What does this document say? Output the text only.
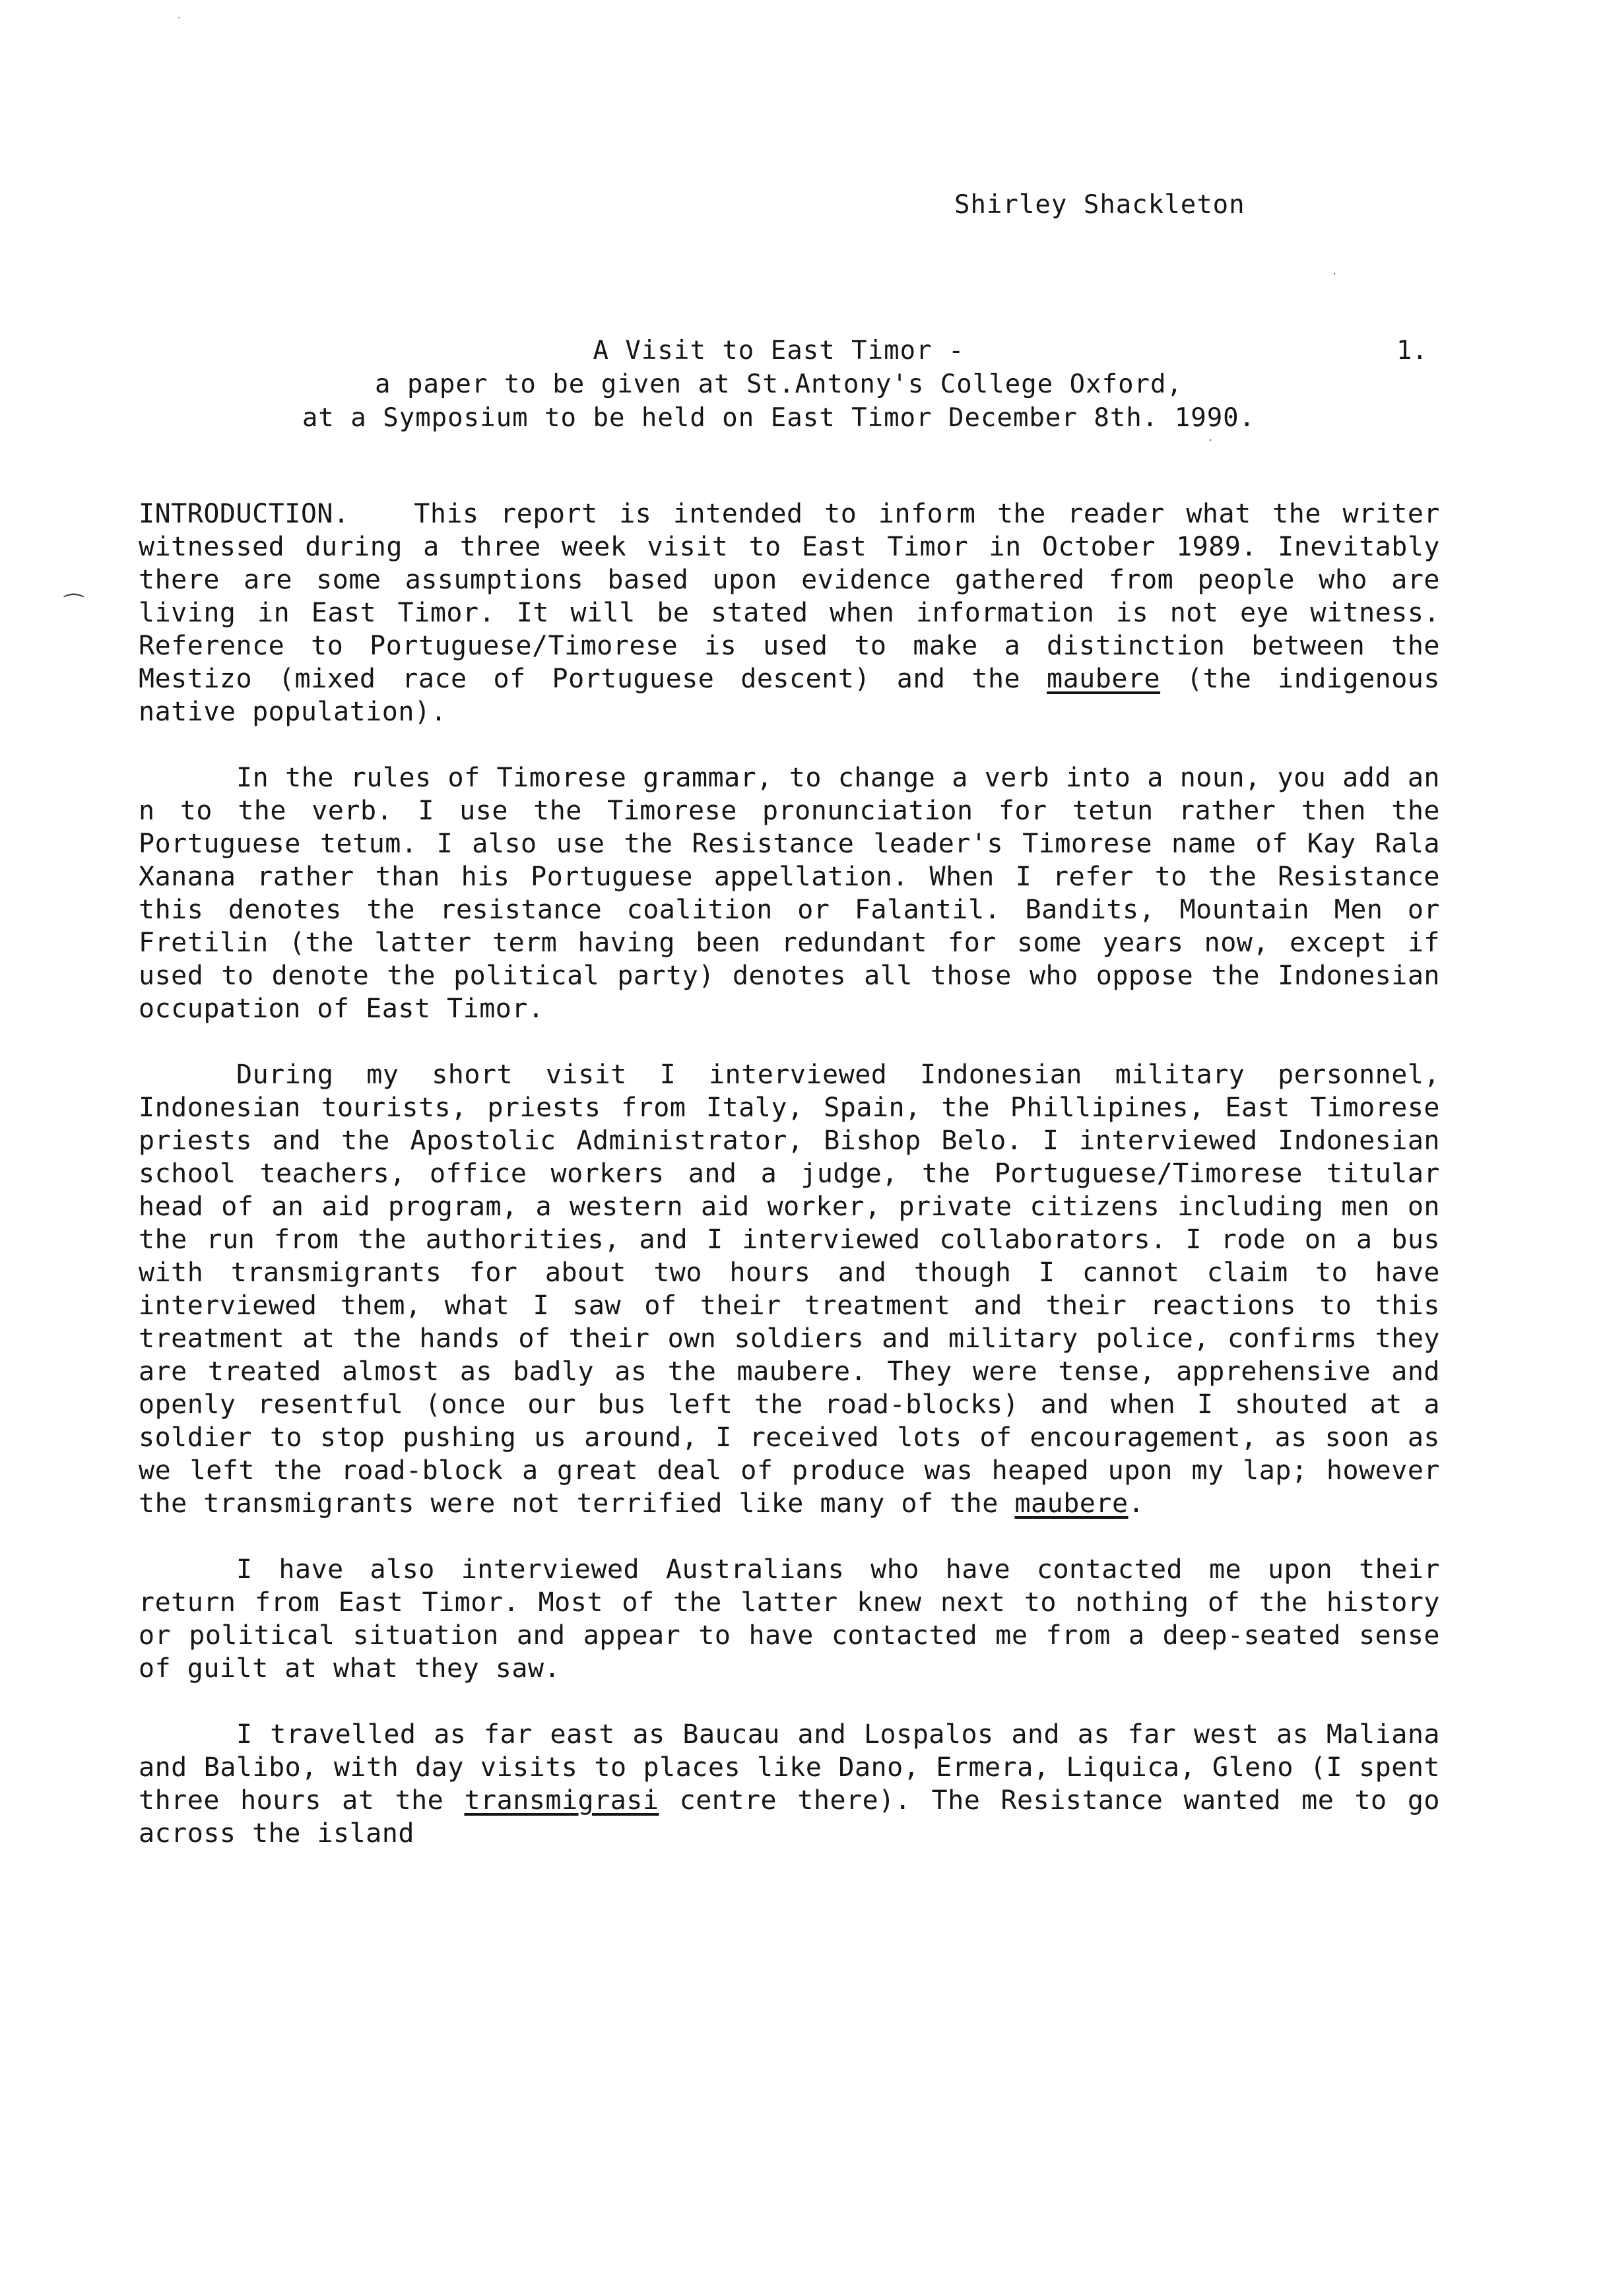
Shirley Shackleton
A Visit to East Timor -
a paper to be given at St.Antony's College Oxford,
at a Symposium to be held on East Timor December 8th. 1990.
1.
⁀
·
·
·

INTRODUCTION. This report is intended to inform the reader what the writer witnessed during a three week visit to East Timor in October 1989. Inevitably there are some assumptions based upon evidence gathered from people who are living in East Timor. It will be stated when information is not eye witness. Reference to Portuguese/Timorese is used to make a distinction between the Mestizo (mixed race of Portuguese descent) and the maubere (the indigenous native population).

In the rules of Timorese grammar, to change a verb into a noun, you add an n to the verb. I use the Timorese pronunciation for tetun rather then the Portuguese tetum. I also use the Resistance leader's Timorese name of Kay Rala Xanana rather than his Portuguese appellation. When I refer to the Resistance this denotes the resistance coalition or Falantil. Bandits, Mountain Men or Fretilin (the latter term having been redundant for some years now, except if used to denote the political party) denotes all those who oppose the Indonesian occupation of East Timor.

During my short visit I interviewed Indonesian military personnel, Indonesian tourists, priests from Italy, Spain, the Phillipines, East Timorese priests and the Apostolic Administrator, Bishop Belo. I interviewed Indonesian school teachers, office workers and a judge, the Portuguese/Timorese titular head of an aid program, a western aid worker, private citizens including men on the run from the authorities, and I interviewed collaborators. I rode on a bus with transmigrants for about two hours and though I cannot claim to have interviewed them, what I saw of their treatment and their reactions to this treatment at the hands of their own soldiers and military police, confirms they are treated almost as badly as the maubere. They were tense, apprehensive and openly resentful (once our bus left the road-blocks) and when I shouted at a soldier to stop pushing us around, I received lots of encouragement, as soon as we left the road-block a great deal of produce was heaped upon my lap; however the transmigrants were not terrified like many of the maubere.

I have also interviewed Australians who have contacted me upon their return from East Timor. Most of the latter knew next to nothing of the history or political situation and appear to have contacted me from a deep-seated sense of guilt at what they saw.

I travelled as far east as Baucau and Lospalos and as far west as Maliana and Balibo, with day visits to places like Dano, Ermera, Liquica, Gleno (I spent three hours at the transmigrasi centre there). The Resistance wanted me to go across the island
